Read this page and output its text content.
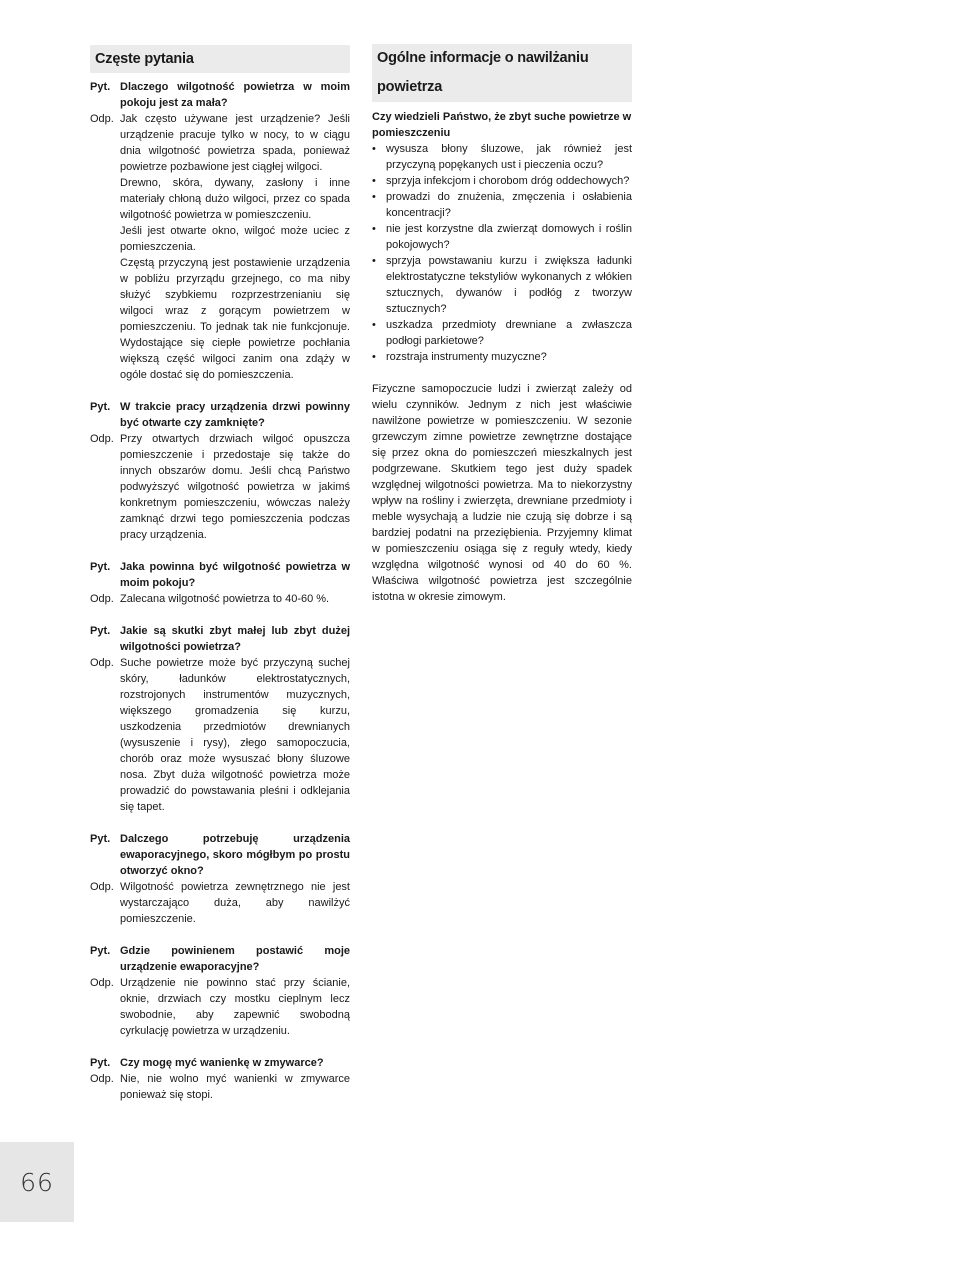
Częste pytania
Pyt. Dlaczego wilgotność powietrza w moim pokoju jest za mała?
Odp. Jak często używane jest urządzenie? Jeśli urządzenie pracuje tylko w nocy, to w ciągu dnia wilgotność powietrza spada, ponieważ powietrze pozbawione jest ciągłej wilgoci.

Drewno, skóra, dywany, zasłony i inne materiały chłoną dużo wilgoci, przez co spada wilgotność powietrza w pomieszczeniu.

Jeśli jest otwarte okno, wilgoć może uciec z pomieszczenia.

Częstą przyczyną jest postawienie urządzenia w pobliżu przyrządu grzejnego, co ma niby służyć szybkiemu rozprzestrzenianiu się wilgoci wraz z gorącym powietrzem w pomieszczeniu. To jednak tak nie funkcjonuje. Wydostające się ciepłe powietrze pochłania większą część wilgoci zanim ona zdąży w ogóle dostać się do pomieszczenia.

Pyt. W trakcie pracy urządzenia drzwi powinny być otwarte czy zamknięte?
Odp. Przy otwartych drzwiach wilgoć opuszcza pomieszczenie i przedostaje się także do innych obszarów domu. Jeśli chcą Państwo podwyższyć wilgotność powietrza w jakimś konkretnym pomieszczeniu, wówczas należy zamknąć drzwi tego pomieszczenia podczas pracy urządzenia.

Pyt. Jaka powinna być wilgotność powietrza w moim pokoju?
Odp. Zalecana wilgotność powietrza to 40-60 %.

Pyt. Jakie są skutki zbyt małej lub zbyt dużej wilgotności powietrza?
Odp. Suche powietrze może być przyczyną suchej skóry, ładunków elektrostatycznych, rozstrojonych instrumentów muzycznych, większego gromadzenia się kurzu, uszkodzenia przedmiotów drewnianych (wysuszenie i rysy), złego samopoczucia, chorób oraz może wysuszać błony śluzowe nosa. Zbyt duża wilgotność powietrza może prowadzić do powstawania pleśni i odklejania się tapet.

Pyt. Dalczego potrzebuję urządzenia ewaporacyjnego, skoro mógłbym po prostu otworzyć okno?
Odp. Wilgotność powietrza zewnętrznego nie jest wystarczająco duża, aby nawilżyć pomieszczenie.

Pyt. Gdzie powinienem postawić moje urządzenie ewaporacyjne?
Odp. Urządzenie nie powinno stać przy ścianie, oknie, drzwiach czy mostku cieplnym lecz swobodnie, aby zapewnić swobodną cyrkulację powietrza w urządzeniu.

Pyt. Czy mogę myć wanienkę w zmywarce?
Odp. Nie, nie wolno myć wanienki w zmywarce ponieważ się stopi.

Ogólne informacje o nawilżaniu powietrza

Czy wiedzieli Państwo, że zbyt suche powietrze w pomieszczeniu

• wysusza błony śluzowe, jak również jest przyczyną popękanych ust i pieczenia oczu?
• sprzyja infekcjom i chorobom dróg oddechowych?
• prowadzi do znużenia, zmęczenia i osłabienia koncentracji?
• nie jest korzystne dla zwierząt domowych i roślin pokojowych?
• sprzyja powstawaniu kurzu i zwiększa ładunki elektrostatyczne tekstyliów wykonanych z włókien sztucznych, dywanów i podłóg z tworzyw sztucznych?
• uszkadza przedmioty drewniane a zwłaszcza podłogi parkietowe?
• rozstraja instrumenty muzyczne?

Fizyczne samopoczucie ludzi i zwierząt zależy od wielu czynników. Jednym z nich jest właściwie nawilżone powietrze w pomieszczeniu. W sezonie grzewczym zimne powietrze zewnętrzne dostające się przez okna do pomieszczeń mieszkalnych jest podgrzewane. Skutkiem tego jest duży spadek względnej wilgotności powietrza. Ma to niekorzystny wpływ na rośliny i zwierzęta, drewniane przedmioty i meble wysychają a ludzie nie czują się dobrze i są bardziej podatni na przeziębienia. Przyjemny klimat w pomieszczeniu osiąga się z reguły wtedy, kiedy względna wilgotność wynosi od 40 do 60 %. Właściwa wilgotność powietrza jest szczególnie istotna w okresie zimowym.

66
